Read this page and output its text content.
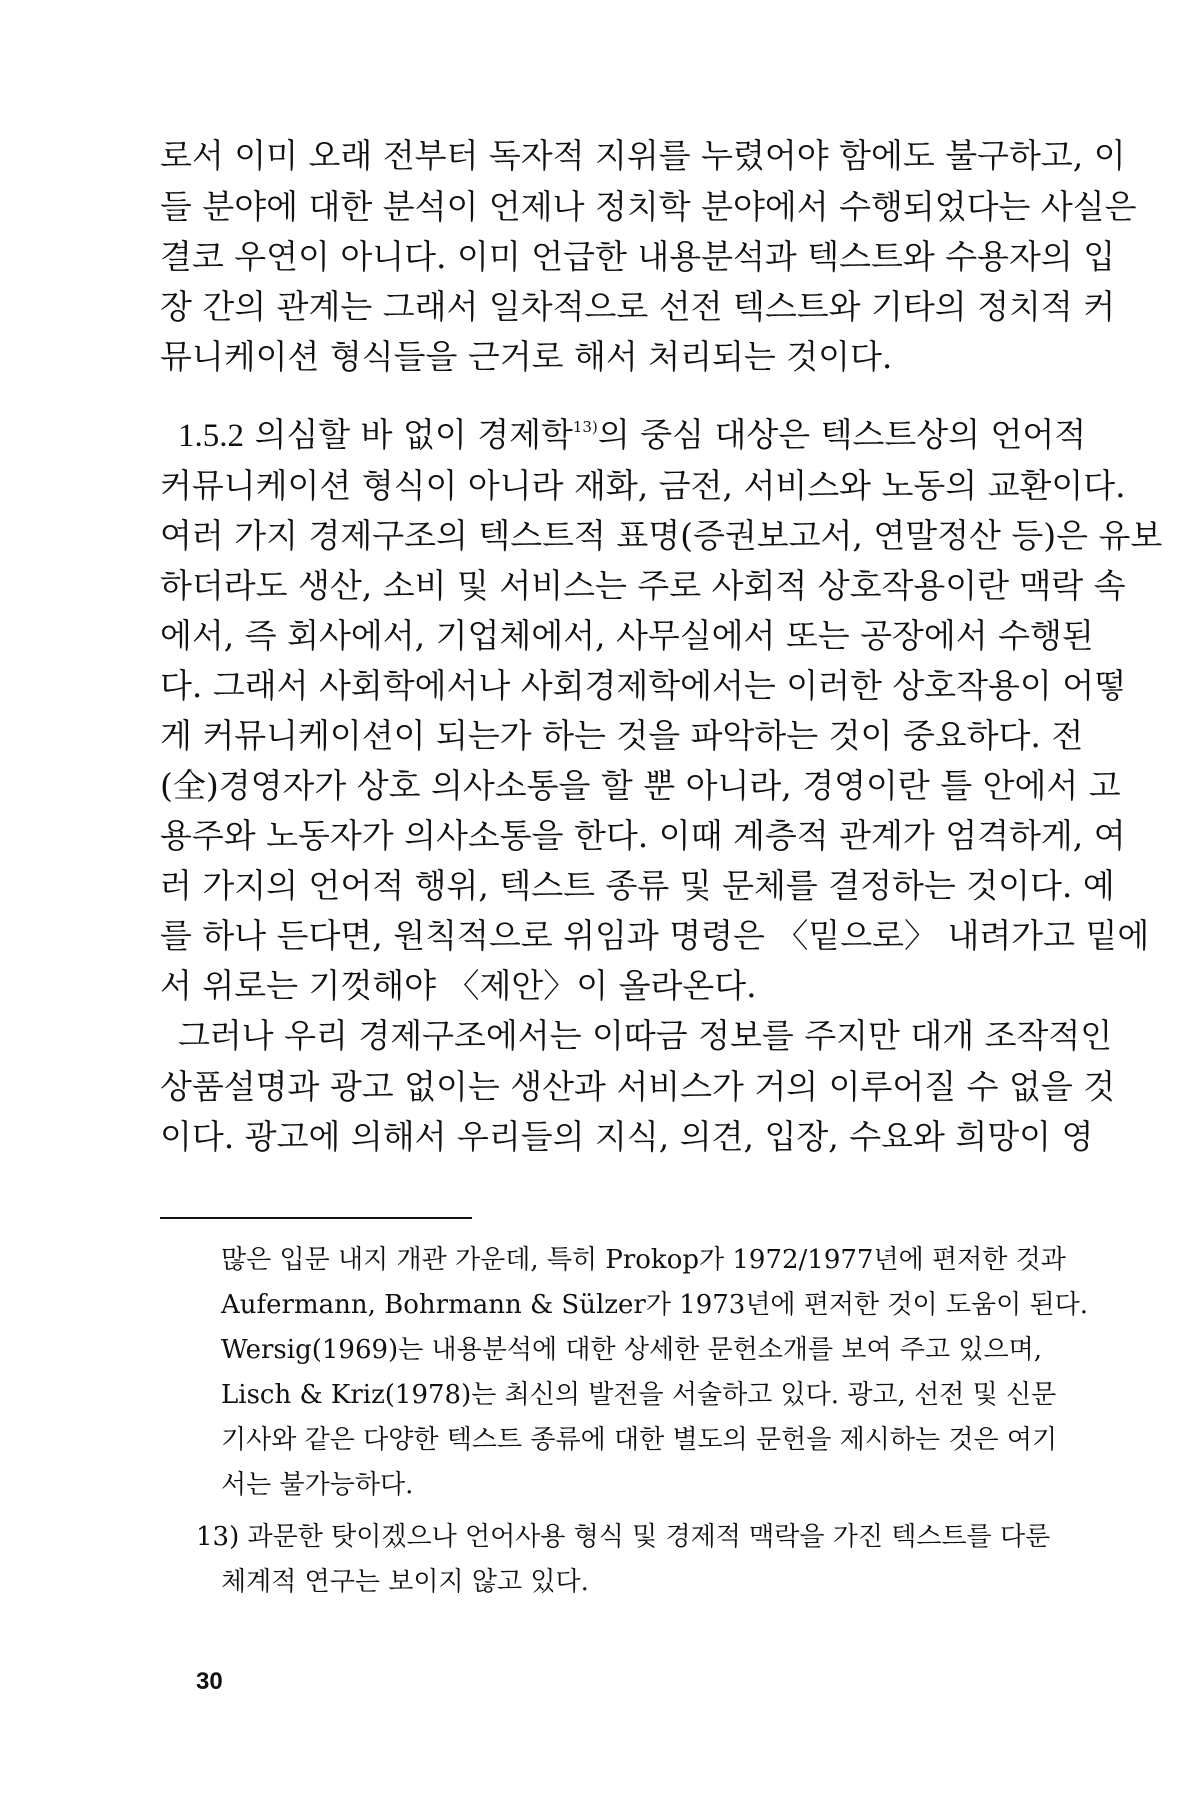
로서 이미 오래 전부터 독자적 지위를 누렸어야 함에도 불구하고, 이
들 분야에 대한 분석이 언제나 정치학 분야에서 수행되었다는 사실은
결코 우연이 아니다. 이미 언급한 내용분석과 텍스트와 수용자의 입
장 간의 관계는 그래서 일차적으로 선전 텍스트와 기타의 정치적 커
뮤니케이션 형식들을 근거로 해서 처리되는 것이다.
1.5.2 의심할 바 없이 경제학$^{13)}$의 중심 대상은 텍스트상의 언어적
커뮤니케이션 형식이 아니라 재화, 금전, 서비스와 노동의 교환이다.
여러 가지 경제구조의 텍스트적 표명(증권보고서, 연말정산 등)은 유보
하더라도 생산, 소비 및 서비스는 주로 사회적 상호작용이란 맥락 속
에서, 즉 회사에서, 기업체에서, 사무실에서 또는 공장에서 수행된
다. 그래서 사회학에서나 사회경제학에서는 이러한 상호작용이 어떻
게 커뮤니케이션이 되는가 하는 것을 파악하는 것이 중요하다. 전
(全)경영자가 상호 의사소통을 할 뿐 아니라, 경영이란 틀 안에서 고
용주와 노동자가 의사소통을 한다. 이때 계층적 관계가 엄격하게, 여
러 가지의 언어적 행위, 텍스트 종류 및 문체를 결정하는 것이다. 예
를 하나 든다면, 원칙적으로 위임과 명령은 〈밑으로〉 내려가고 밑에
서 위로는 기껏해야 〈제안〉이 올라온다.
그러나 우리 경제구조에서는 이따금 정보를 주지만 대개 조작적인
상품설명과 광고 없이는 생산과 서비스가 거의 이루어질 수 없을 것
이다. 광고에 의해서 우리들의 지식, 의견, 입장, 수요와 희망이 영
많은 입문 내지 개관 가운데, 특히 Prokop가 1972/1977년에 편저한 것과
Aufermann, Bohrmann & Sülzer가 1973년에 편저한 것이 도움이 된다.
Wersig(1969)는 내용분석에 대한 상세한 문헌소개를 보여 주고 있으며,
Lisch & Kriz(1978)는 최신의 발전을 서술하고 있다. 광고, 선전 및 신문
기사와 같은 다양한 텍스트 종류에 대한 별도의 문헌을 제시하는 것은 여기
서는 불가능하다.
13) 과문한 탓이겠으나 언어사용 형식 및 경제적 맥락을 가진 텍스트를 다룬
체계적 연구는 보이지 않고 있다.
30
